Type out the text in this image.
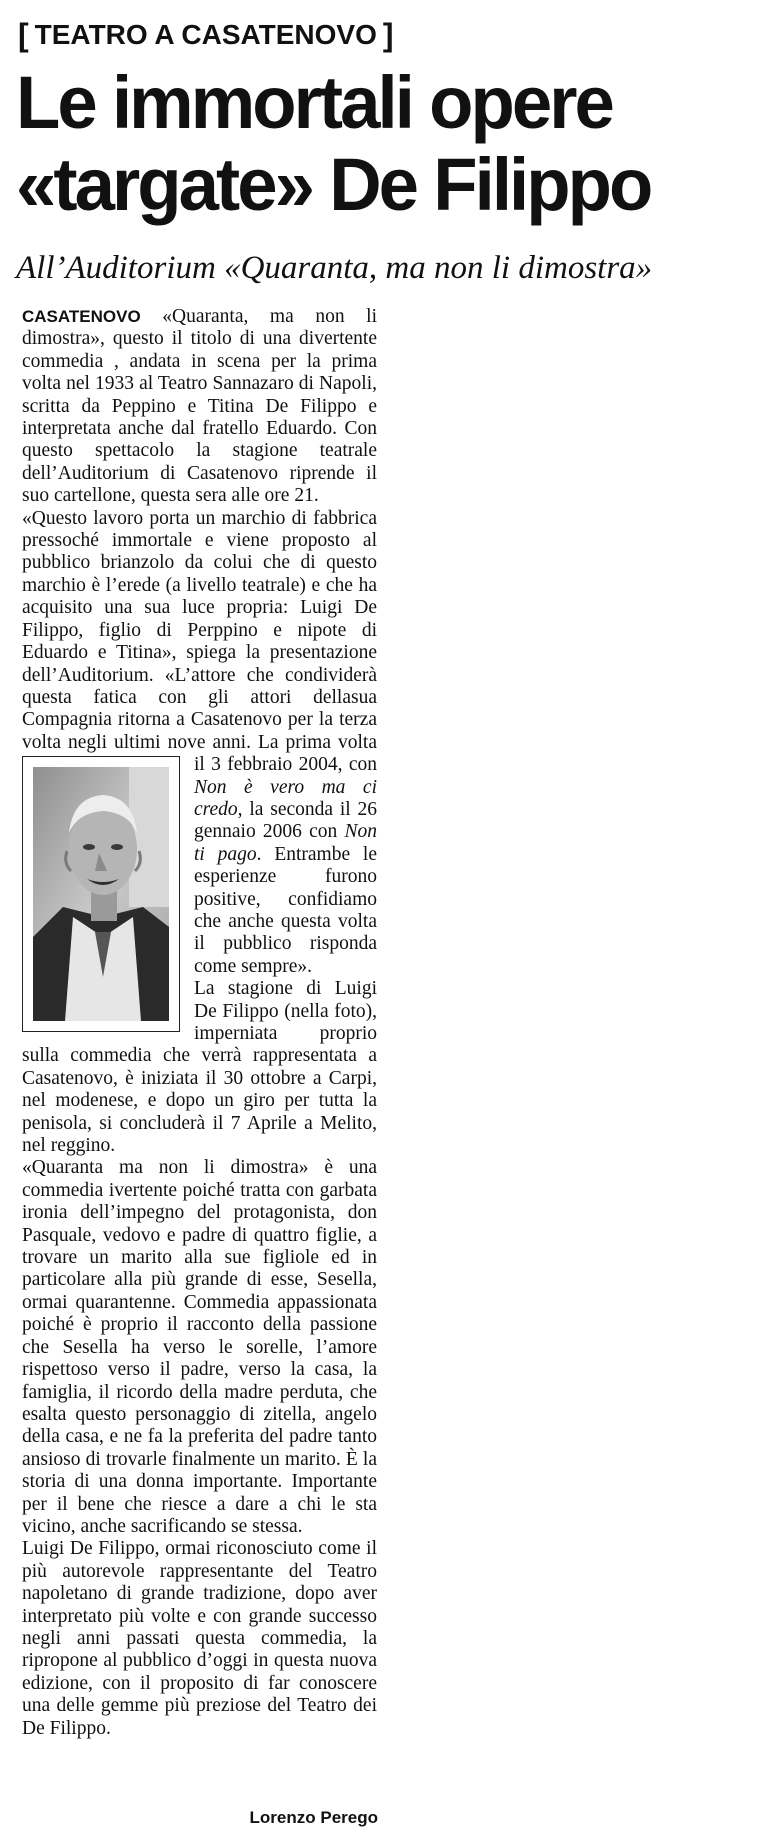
[ TEATRO A CASATENOVO ]
Le immortali opere
«targate» De Filippo
All’Auditorium «Quaranta, ma non li dimostra»

CASATENOVO «Quaranta, ma non li dimostra», questo il titolo di una divertente commedia , andata in scena per la prima volta nel 1933 al Teatro Sannazaro di Napoli, scritta da Peppino e Titina De Filippo e interpretata anche dal fratello Eduardo. Con questo spettacolo la stagione teatrale dell’Auditorium di Casatenovo riprende il suo cartellone, questa sera alle ore 21.

«Questo lavoro porta un marchio di fabbrica pressoché immortale e viene proposto al pubblico brianzolo da colui che di questo marchio è l’erede (a livello teatrale) e che ha acquisito una sua luce propria: Luigi De Filippo, figlio di Perppino e nipote di Eduardo e Titina», spiega la presentazione dell’Auditorium. «L’attore che condividerà questa fatica con gli attori dellasua Compagnia ritorna a Casatenovo per la terza volta negli ultimi nove anni. La prima volta il 3 febbraio 2004, con
Non è vero ma ci credo, la seconda il 26 gennaio 2006 con Non ti pago. Entrambe le esperienze furono positive, confidiamo che anche questa volta il pubblico risponda come sempre».

La stagione di Luigi De Filippo (nella foto), imperniata proprio sulla commedia che verrà rappresentata a Casatenovo, è iniziata il 30 ottobre a Carpi, nel modenese, e dopo un giro per tutta la penisola, si concluderà il 7 Aprile a Melito, nel reggino.

«Quaranta ma non li dimostra» è una commedia ivertente poiché tratta con garbata ironia dell’impegno del protagonista, don Pasquale, vedovo e padre di quattro figlie, a trovare un marito alla sue figliole ed in particolare alla più grande di esse, Sesella, ormai quarantenne. Commedia appassionata poiché è proprio il racconto della passione che Sesella ha verso le sorelle, l’amore rispettoso verso il padre, verso la casa, la famiglia, il ricordo della madre perduta, che esalta questo personaggio di zitella, angelo della casa, e ne fa la preferita del padre tanto ansioso di trovarle finalmente un marito. È la storia di una donna importante. Importante per il bene che riesce a dare a chi le sta vicino, anche sacrificando se stessa.

Luigi De Filippo, ormai riconosciuto come il più autorevole rappresentante del Teatro napoletano di grande tradizione, dopo aver interpretato più volte e con grande successo negli anni passati questa commedia, la ripropone al pubblico d’oggi in questa nuova edizione, con il proposito di far conoscere una delle gemme più preziose del Teatro dei De Filippo.

Lorenzo Perego
